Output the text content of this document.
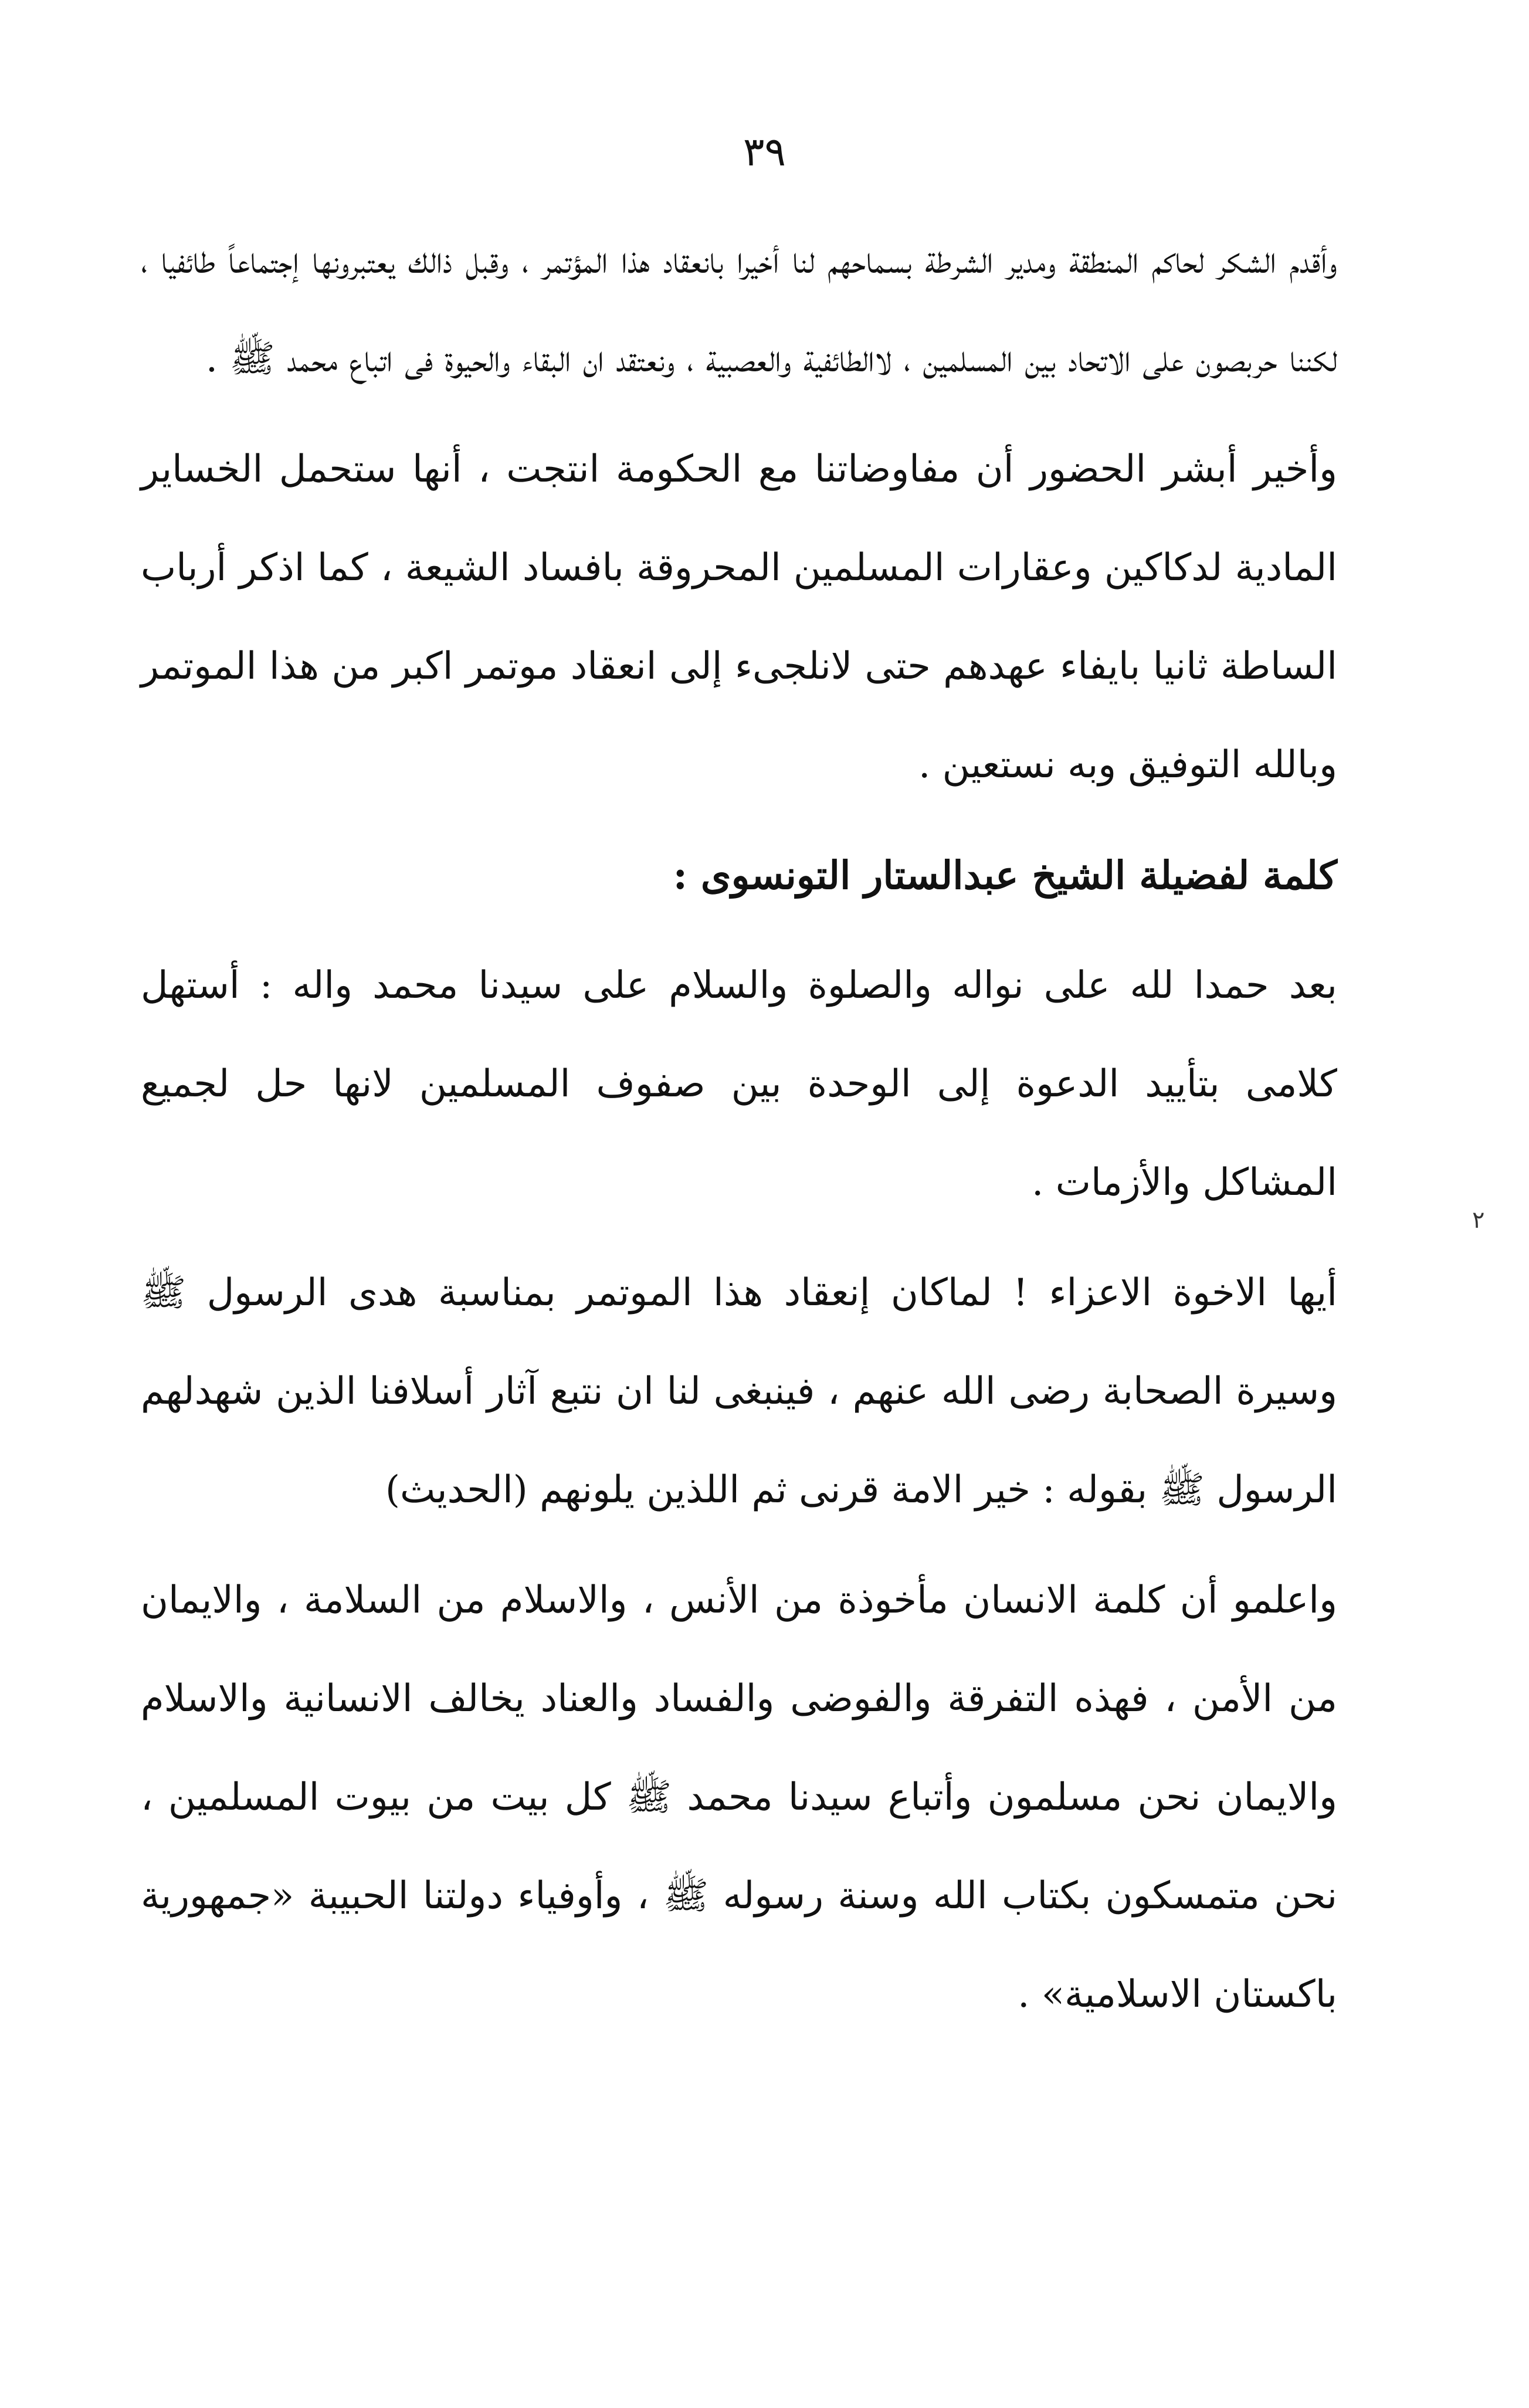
٣٩

وأقدم الشكر لحاكم المنطقة ومدير الشرطة بسماحهم لنا أخيرا بانعقاد هذا المؤتمر ، وقبل ذالك يعتبرونها إجتماعاً طائفيا ، لكننا حربصون على الاتحاد بين المسلمين ، لاالطائفية والعصبية ، ونعتقد ان البقاء والحيوة فى اتباع محمد ﷺ .

وأخير أبشر الحضور أن مفاوضاتنا مع الحكومة انتجت ، أنها ستحمل الخساير المادية لدكاكين وعقارات المسلمين المحروقة بافساد الشيعة ، كما اذكر أرباب الساطة ثانيا بايفاء عهدهم حتى لانلجىء إلى انعقاد موتمر اكبر من هذا الموتمر وبالله التوفيق وبه نستعين .

كلمة لفضيلة الشيخ عبدالستار التونسوى :

بعد حمدا لله على نواله والصلوة والسلام على سيدنا محمد واله : أستهل كلامى بتأييد الدعوة إلى الوحدة بين صفوف المسلمين لانها حل لجميع المشاكل والأزمات .

أيها الاخوة الاعزاء ! لماكان إنعقاد هذا الموتمر بمناسبة هدى الرسول ﷺ وسيرة الصحابة رضى الله عنهم ، فينبغى لنا ان نتبع آثار أسلافنا الذين شهدلهم الرسول ﷺ بقوله : خير الامة قرنى ثم اللذين يلونهم (الحديث)

واعلمو أن كلمة الانسان مأخوذة من الأنس ، والاسلام من السلامة ، والايمان من الأمن ، فهذه التفرقة والفوضى والفساد والعناد يخالف الانسانية والاسلام والايمان نحن مسلمون وأتباع سيدنا محمد ﷺ كل بيت من بيوت المسلمين ، نحن متمسكون بكتاب الله وسنة رسوله ﷺ ، وأوفياء دولتنا الحبيبة «جمهورية باكستان الاسلامية» .

٢
